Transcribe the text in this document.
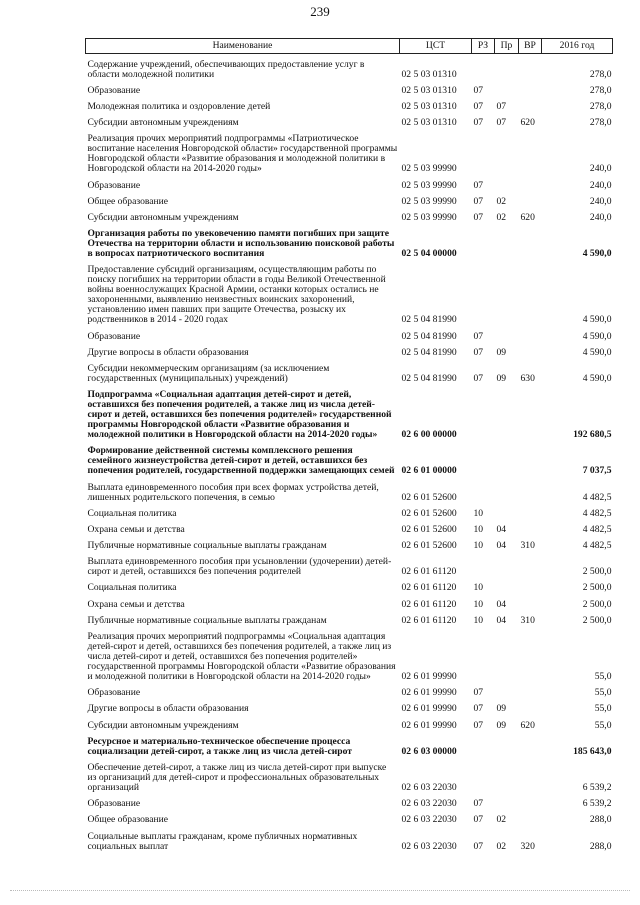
239
Наименование	ЦСТ	РЗ	Пр	ВР	2016 год
Содержание учреждений, обеспечивающих предоставление услуг в области молодежной политики	02 5 03 01310				278,0
Образование	02 5 03 01310	07			278,0
Молодежная политика и оздоровление детей	02 5 03 01310	07	07		278,0
Субсидии автономным учреждениям	02 5 03 01310	07	07	620	278,0
Реализация прочих мероприятий подпрограммы «Патриотическое воспитание населения Новгородской области» государственной программы Новгородской области «Развитие образования и молодежной политики в Новгородской области на 2014-2020 годы»	02 5 03 99990				240,0
Образование	02 5 03 99990	07			240,0
Общее образование	02 5 03 99990	07	02		240,0
Субсидии автономным учреждениям	02 5 03 99990	07	02	620	240,0
Организация работы по увековечению памяти погибших при защите Отечества на территории области и использованию поисковой работы в вопросах патриотического воспитания	02 5 04 00000				4 590,0
Предоставление субсидий организациям, осуществляющим работы по поиску погибших на территории области в годы Великой Отечественной войны военнослужащих Красной Армии, останки которых остались не захороненными, выявлению неизвестных воинских захоронений, установлению имен павших при защите Отечества, розыску их родственников в 2014 - 2020 годах	02 5 04 81990				4 590,0
Образование	02 5 04 81990	07			4 590,0
Другие вопросы в области образования	02 5 04 81990	07	09		4 590,0
Субсидии некоммерческим организациям (за исключением государственных (муниципальных) учреждений)	02 5 04 81990	07	09	630	4 590,0
Подпрограмма «Социальная адаптация детей-сирот и детей, оставшихся без попечения родителей, а также лиц из числа детей-сирот и детей, оставшихся без попечения родителей» государственной программы Новгородской области «Развитие образования и молодежной политики в Новгородской области на 2014-2020 годы»	02 6 00 00000				192 680,5
Формирование действенной системы комплексного решения семейного жизнеустройства детей-сирот и детей, оставшихся без попечения родителей, государственной поддержки замещающих семей	02 6 01 00000				7 037,5
Выплата единовременного пособия при всех формах устройства детей, лишенных родительского попечения, в семью	02 6 01 52600				4 482,5
Социальная политика	02 6 01 52600	10			4 482,5
Охрана семьи и детства	02 6 01 52600	10	04		4 482,5
Публичные нормативные социальные выплаты гражданам	02 6 01 52600	10	04	310	4 482,5
Выплата единовременного пособия при усыновлении (удочерении) детей-сирот и детей, оставшихся без попечения родителей	02 6 01 61120				2 500,0
Социальная политика	02 6 01 61120	10			2 500,0
Охрана семьи и детства	02 6 01 61120	10	04		2 500,0
Публичные нормативные социальные выплаты гражданам	02 6 01 61120	10	04	310	2 500,0
Реализация прочих мероприятий подпрограммы «Социальная адаптация детей-сирот и детей, оставшихся без попечения родителей, а также лиц из числа детей-сирот и детей, оставшихся без попечения родителей» государственной программы Новгородской области «Развитие образования и молодежной политики в Новгородской области на 2014-2020 годы»	02 6 01 99990				55,0
Образование	02 6 01 99990	07			55,0
Другие вопросы в области образования	02 6 01 99990	07	09		55,0
Субсидии автономным учреждениям	02 6 01 99990	07	09	620	55,0
Ресурсное и материально-техническое обеспечение процесса социализации детей-сирот, а также лиц из числа детей-сирот	02 6 03 00000				185 643,0
Обеспечение детей-сирот, а также лиц из числа детей-сирот при выпуске из организаций для детей-сирот и профессиональных образовательных организаций	02 6 03 22030				6 539,2
Образование	02 6 03 22030	07			6 539,2
Общее образование	02 6 03 22030	07	02		288,0
Социальные выплаты гражданам, кроме публичных нормативных социальных выплат	02 6 03 22030	07	02	320	288,0
